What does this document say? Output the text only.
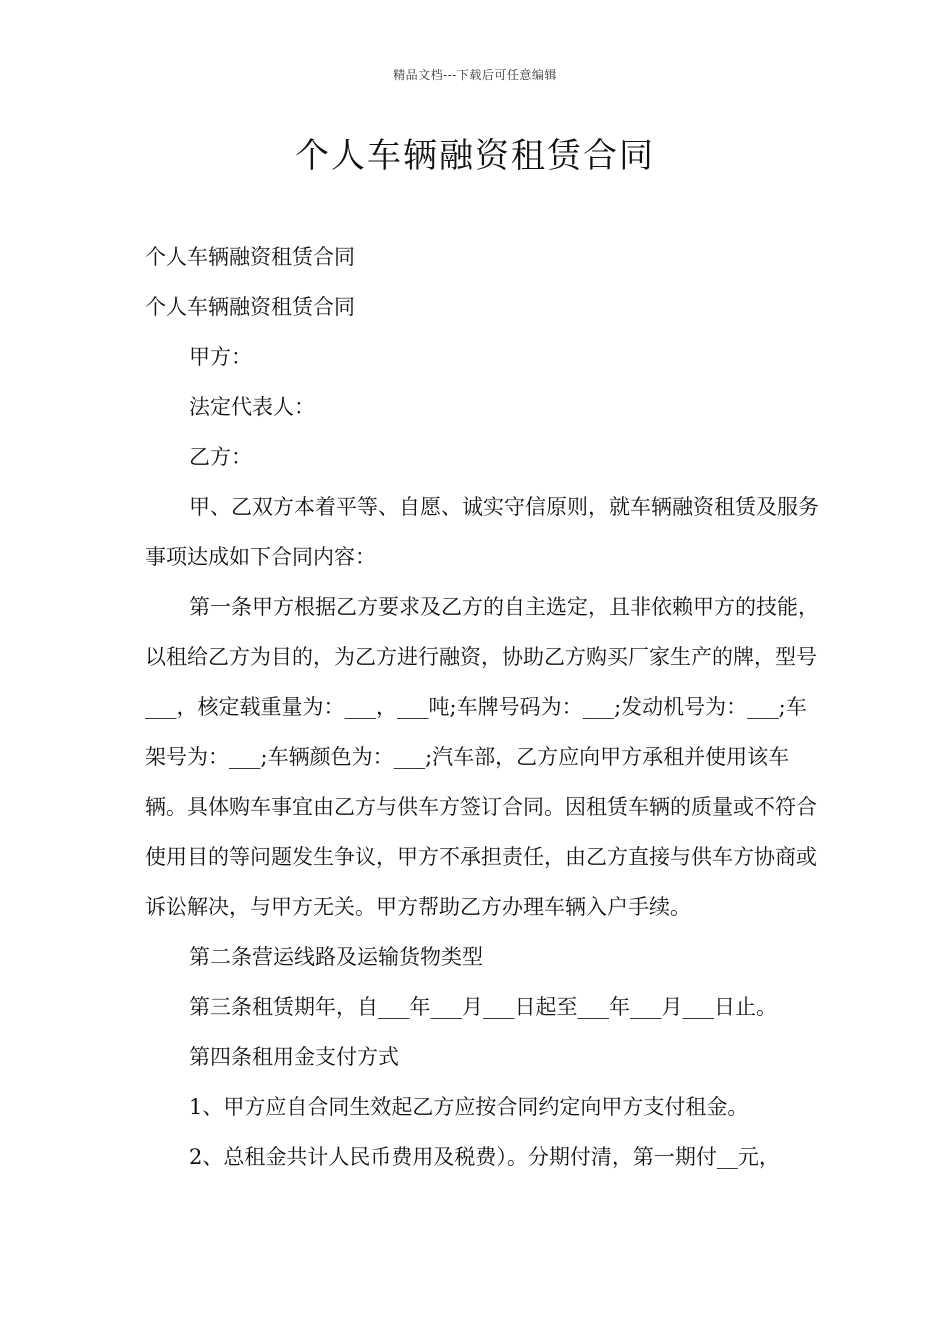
精品文档---下载后可任意编辑
个人车辆融资租赁合同

个人车辆融资租赁合同

个人车辆融资租赁合同

甲方：

法定代表人：

乙方：

甲、乙双方本着平等、自愿、诚实守信原则，就车辆融资租赁及服务事项达成如下合同内容：

第一条甲方根据乙方要求及乙方的自主选定，且非依赖甲方的技能，以租给乙方为目的，为乙方进行融资，协助乙方购买厂家生产的牌，型号___，核定载重量为：___，___吨;车牌号码为：___;发动机号为：___;车架号为：___;车辆颜色为：___;汽车部，乙方应向甲方承租并使用该车辆。具体购车事宜由乙方与供车方签订合同。因租赁车辆的质量或不符合使用目的等问题发生争议，甲方不承担责任，由乙方直接与供车方协商或诉讼解决，与甲方无关。甲方帮助乙方办理车辆入户手续。

第二条营运线路及运输货物类型

第三条租赁期年，自___年___月___日起至___年___月___日止。

第四条租用金支付方式

1、甲方应自合同生效起乙方应按合同约定向甲方支付租金。

2、总租金共计人民币费用及税费）。分期付清，第一期付__元，
